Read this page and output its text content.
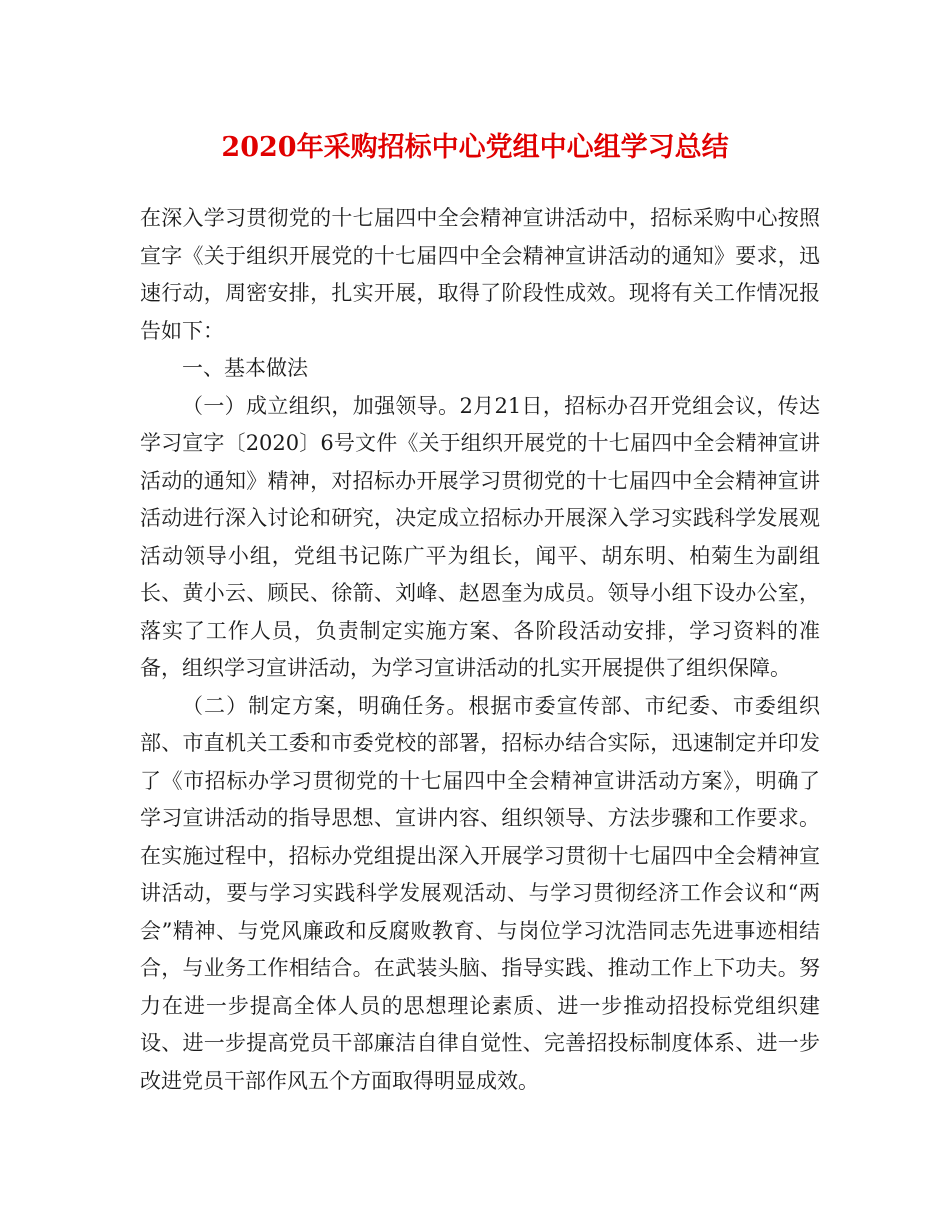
2020年采购招标中心党组中心组学习总结

在深入学习贯彻党的十七届四中全会精神宣讲活动中，招标采购中心按照宣字《关于组织开展党的十七届四中全会精神宣讲活动的通知》要求，迅速行动，周密安排，扎实开展，取得了阶段性成效。现将有关工作情况报告如下：

一、基本做法

（一）成立组织，加强领导。2月21日，招标办召开党组会议，传达学习宣字〔2020〕6号文件《关于组织开展党的十七届四中全会精神宣讲活动的通知》精神，对招标办开展学习贯彻党的十七届四中全会精神宣讲活动进行深入讨论和研究，决定成立招标办开展深入学习实践科学发展观活动领导小组，党组书记陈广平为组长，闻平、胡东明、柏菊生为副组长、黄小云、顾民、徐箭、刘峰、赵恩奎为成员。领导小组下设办公室，落实了工作人员，负责制定实施方案、各阶段活动安排，学习资料的准备，组织学习宣讲活动，为学习宣讲活动的扎实开展提供了组织保障。

（二）制定方案，明确任务。根据市委宣传部、市纪委、市委组织部、市直机关工委和市委党校的部署，招标办结合实际，迅速制定并印发了《市招标办学习贯彻党的十七届四中全会精神宣讲活动方案》，明确了学习宣讲活动的指导思想、宣讲内容、组织领导、方法步骤和工作要求。在实施过程中，招标办党组提出深入开展学习贯彻十七届四中全会精神宣讲活动，要与学习实践科学发展观活动、与学习贯彻经济工作会议和“两会”精神、与党风廉政和反腐败教育、与岗位学习沈浩同志先进事迹相结合，与业务工作相结合。在武装头脑、指导实践、推动工作上下功夫。努力在进一步提高全体人员的思想理论素质、进一步推动招投标党组织建设、进一步提高党员干部廉洁自律自觉性、完善招投标制度体系、进一步改进党员干部作风五个方面取得明显成效。
